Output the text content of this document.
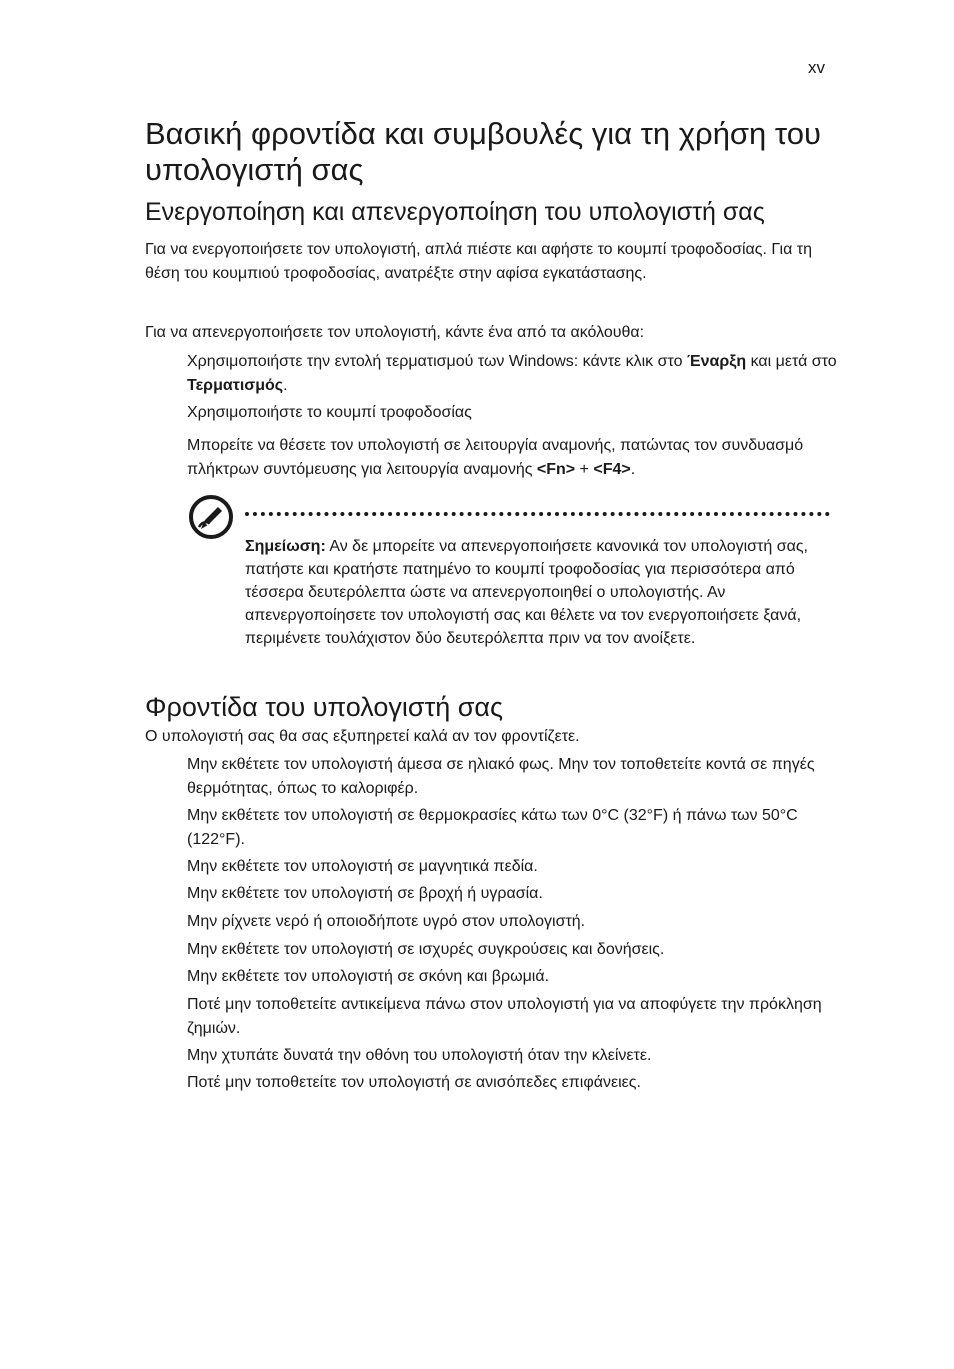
xv
Βασική φροντίδα και συμβουλές για τη χρήση του υπολογιστή σας
Ενεργοποίηση και απενεργοποίηση του υπολογιστή σας

Για να ενεργοποιήσετε τον υπολογιστή, απλά πιέστε και αφήστε το κουμπί τροφοδοσίας. Για τη θέση του κουμπιού τροφοδοσίας, ανατρέξτε στην αφίσα εγκατάστασης.

Για να απενεργοποιήσετε τον υπολογιστή, κάντε ένα από τα ακόλουθα:

Χρησιμοποιήστε την εντολή τερματισμού των Windows: κάντε κλικ στο Έναρξη και μετά στο Τερματισμός.

Χρησιμοποιήστε το κουμπί τροφοδοσίας

Μπορείτε να θέσετε τον υπολογιστή σε λειτουργία αναμονής, πατώντας τον συνδυασμό πλήκτρων συντόμευσης για λειτουργία αναμονής <Fn> + <F4>.

Σημείωση: Αν δε μπορείτε να απενεργοποιήσετε κανονικά τον υπολογιστή σας, πατήστε και κρατήστε πατημένο το κουμπί τροφοδοσίας για περισσότερα από τέσσερα δευτερόλεπτα ώστε να απενεργοποιηθεί ο υπολογιστής. Αν απενεργοποίησετε τον υπολογιστή σας και θέλετε να τον ενεργοποιήσετε ξανά, περιμένετε τουλάχιστον δύο δευτερόλεπτα πριν να τον ανοίξετε.

Φροντίδα του υπολογιστή σας

Ο υπολογιστή σας θα σας εξυπηρετεί καλά αν τον φροντίζετε.

Μην εκθέτετε τον υπολογιστή άμεσα σε ηλιακό φως. Μην τον τοποθετείτε κοντά σε πηγές θερμότητας, όπως το καλοριφέρ.

Μην εκθέτετε τον υπολογιστή σε θερμοκρασίες κάτω των 0°C (32°F) ή πάνω των 50°C (122°F).

Μην εκθέτετε τον υπολογιστή σε μαγνητικά πεδία.

Μην εκθέτετε τον υπολογιστή σε βροχή ή υγρασία.

Μην ρίχνετε νερό ή οποιοδήποτε υγρό στον υπολογιστή.

Μην εκθέτετε τον υπολογιστή σε ισχυρές συγκρούσεις και δονήσεις.

Μην εκθέτετε τον υπολογιστή σε σκόνη και βρωμιά.

Ποτέ μην τοποθετείτε αντικείμενα πάνω στον υπολογιστή για να αποφύγετε την πρόκληση ζημιών.

Μην χτυπάτε δυνατά την οθόνη του υπολογιστή όταν την κλείνετε.

Ποτέ μην τοποθετείτε τον υπολογιστή σε ανισόπεδες επιφάνειες.
